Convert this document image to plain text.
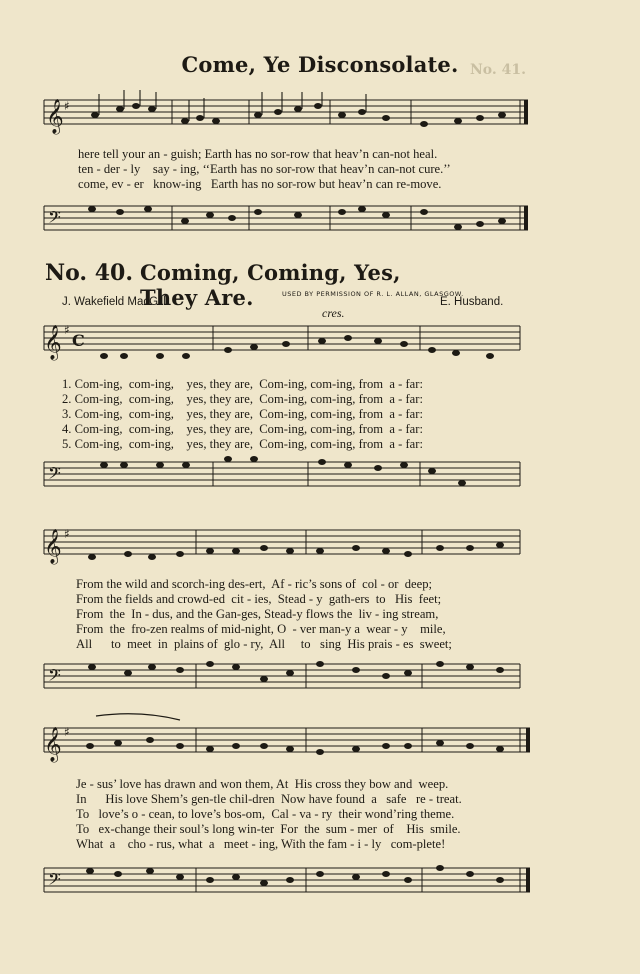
No. 41.
Come, Ye Disconsolate.
𝄞 ♯
here tell your an - guish; Earth has no sor-row that heav’n can-not heal.
ten - der - ly    say - ing, ‘‘Earth has no sor-row that heav’n can-not cure.’’
come, ev - er   know-ing   Earth has no sor-row but heav’n can re-move.
𝄢
No. 40. Coming, Coming, Yes, They Are.	USED BY PERMISSION OF R. L. ALLAN, GLASGOW.
J. Wakefield MacGill.	E. Husband.
cres.
𝄞 ♯
C
1. Com-ing,  com-ing,    yes, they are,  Com-ing, com-ing, from  a - far:
2. Com-ing,  com-ing,    yes, they are,  Com-ing, com-ing, from  a - far:
3. Com-ing,  com-ing,    yes, they are,  Com-ing, com-ing, from  a - far:
4. Com-ing,  com-ing,    yes, they are,  Com-ing, com-ing, from  a - far:
5. Com-ing,  com-ing,    yes, they are,  Com-ing, com-ing, from  a - far:
𝄢
𝄞 ♯
From the wild and scorch-ing des-ert,  Af - ric’s sons of  col - or  deep;
From the fields and crowd-ed  cit - ies,  Stead - y  gath-ers  to   His  feet;
From  the  In - dus, and the Gan-ges, Stead-y flows the  liv - ing stream,
From  the  fro-zen realms of mid-night, O  - ver man-y a  wear - y    mile,
All      to  meet  in  plains of  glo - ry,  All     to   sing  His prais - es  sweet;
𝄢
𝄞 ♯
Je - sus’ love has drawn and won them, At  His cross they bow and  weep.
In      His love Shem’s gen-tle chil-dren  Now have found  a   safe   re - treat.
To   love’s o - cean, to love’s bos-om,  Cal - va - ry  their wond’ring theme.
To   ex-change their soul’s long win-ter  For  the  sum - mer  of    His  smile.
What  a    cho - rus, what  a   meet - ing, With the fam - i - ly   com-plete!
𝄢
